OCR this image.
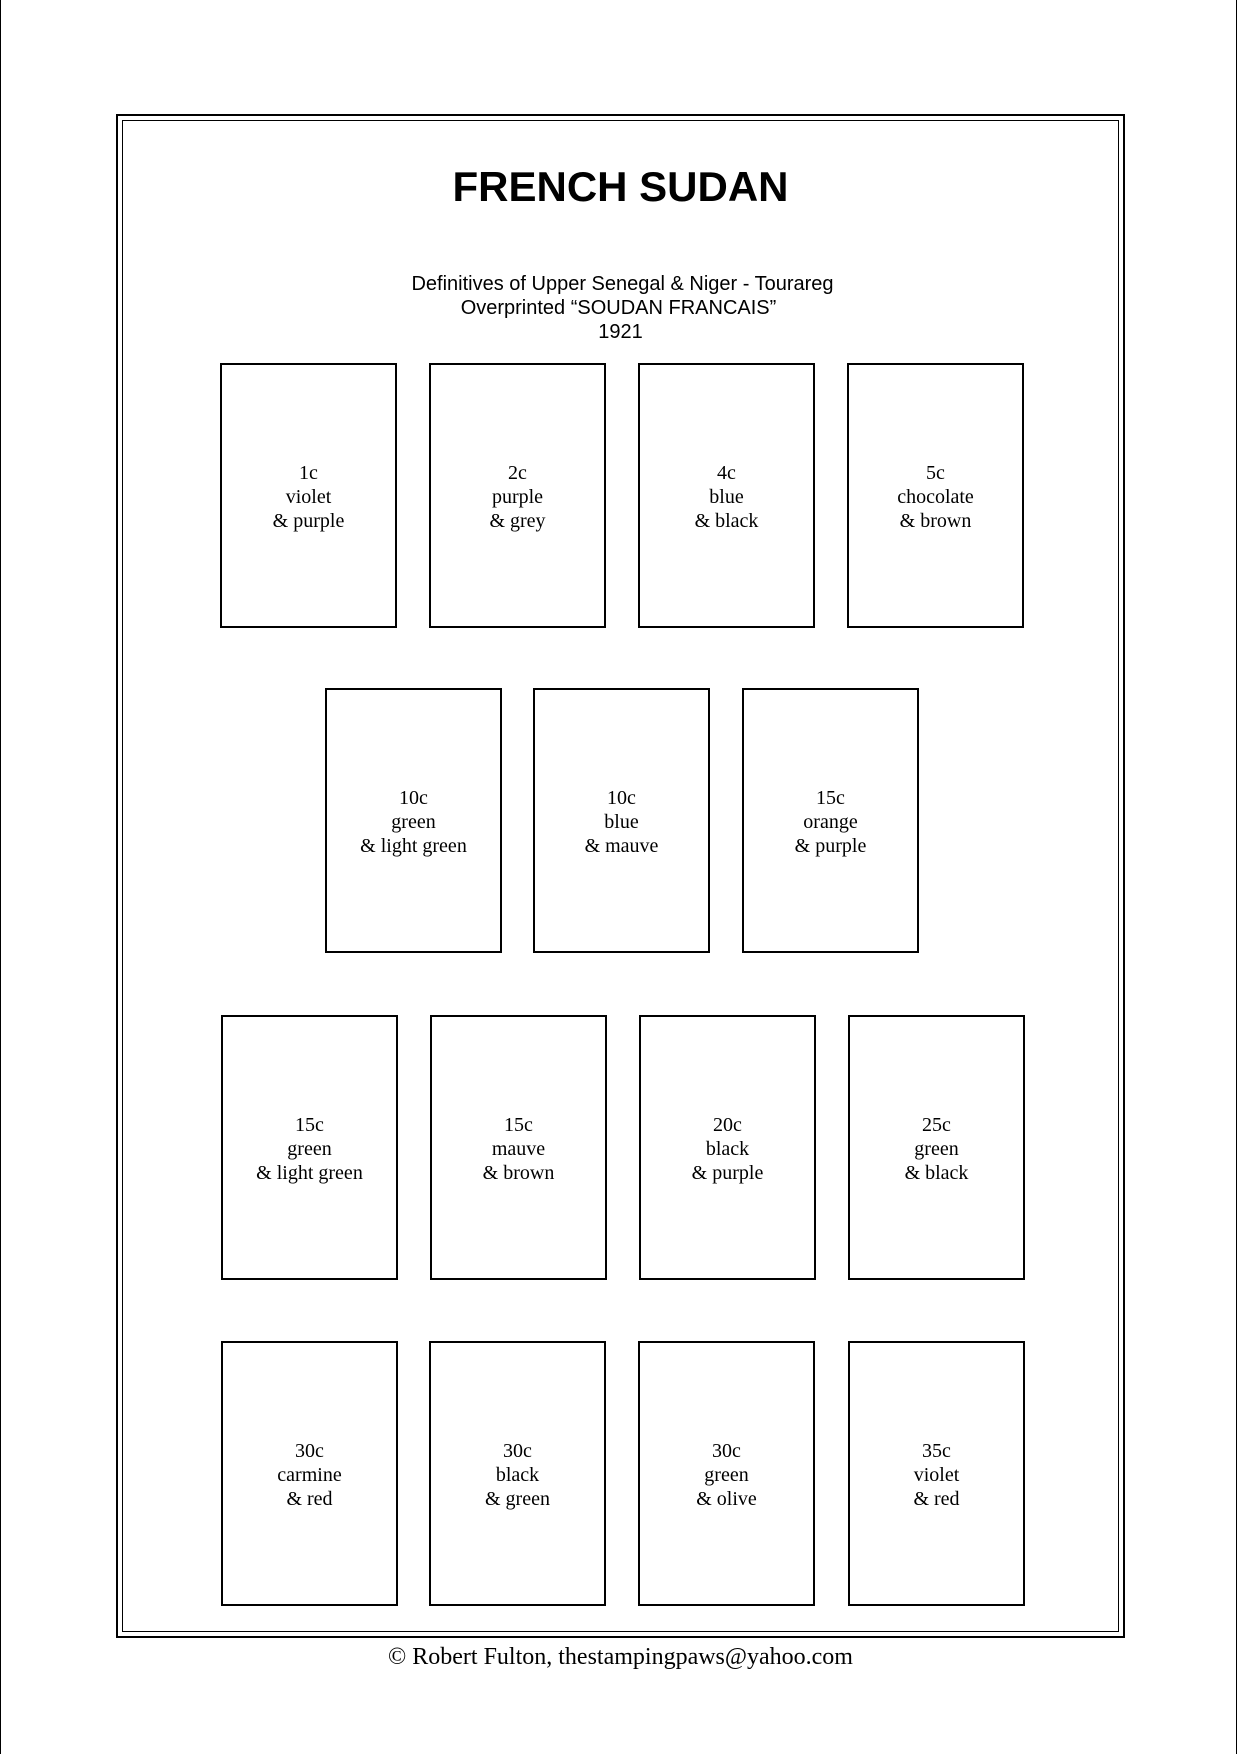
FRENCH SUDAN
Definitives of Upper Senegal & Niger - Tourareg
Overprinted “SOUDAN FRANCAIS”
1921
1c
violet
& purple
2c
purple
& grey
4c
blue
& black
5c
chocolate
& brown
10c
green
& light green
10c
blue
& mauve
15c
orange
& purple
15c
green
& light green
15c
mauve
& brown
20c
black
& purple
25c
green
& black
30c
carmine
& red
30c
black
& green
30c
green
& olive
35c
violet
& red
© Robert Fulton, thestampingpaws@yahoo.com
